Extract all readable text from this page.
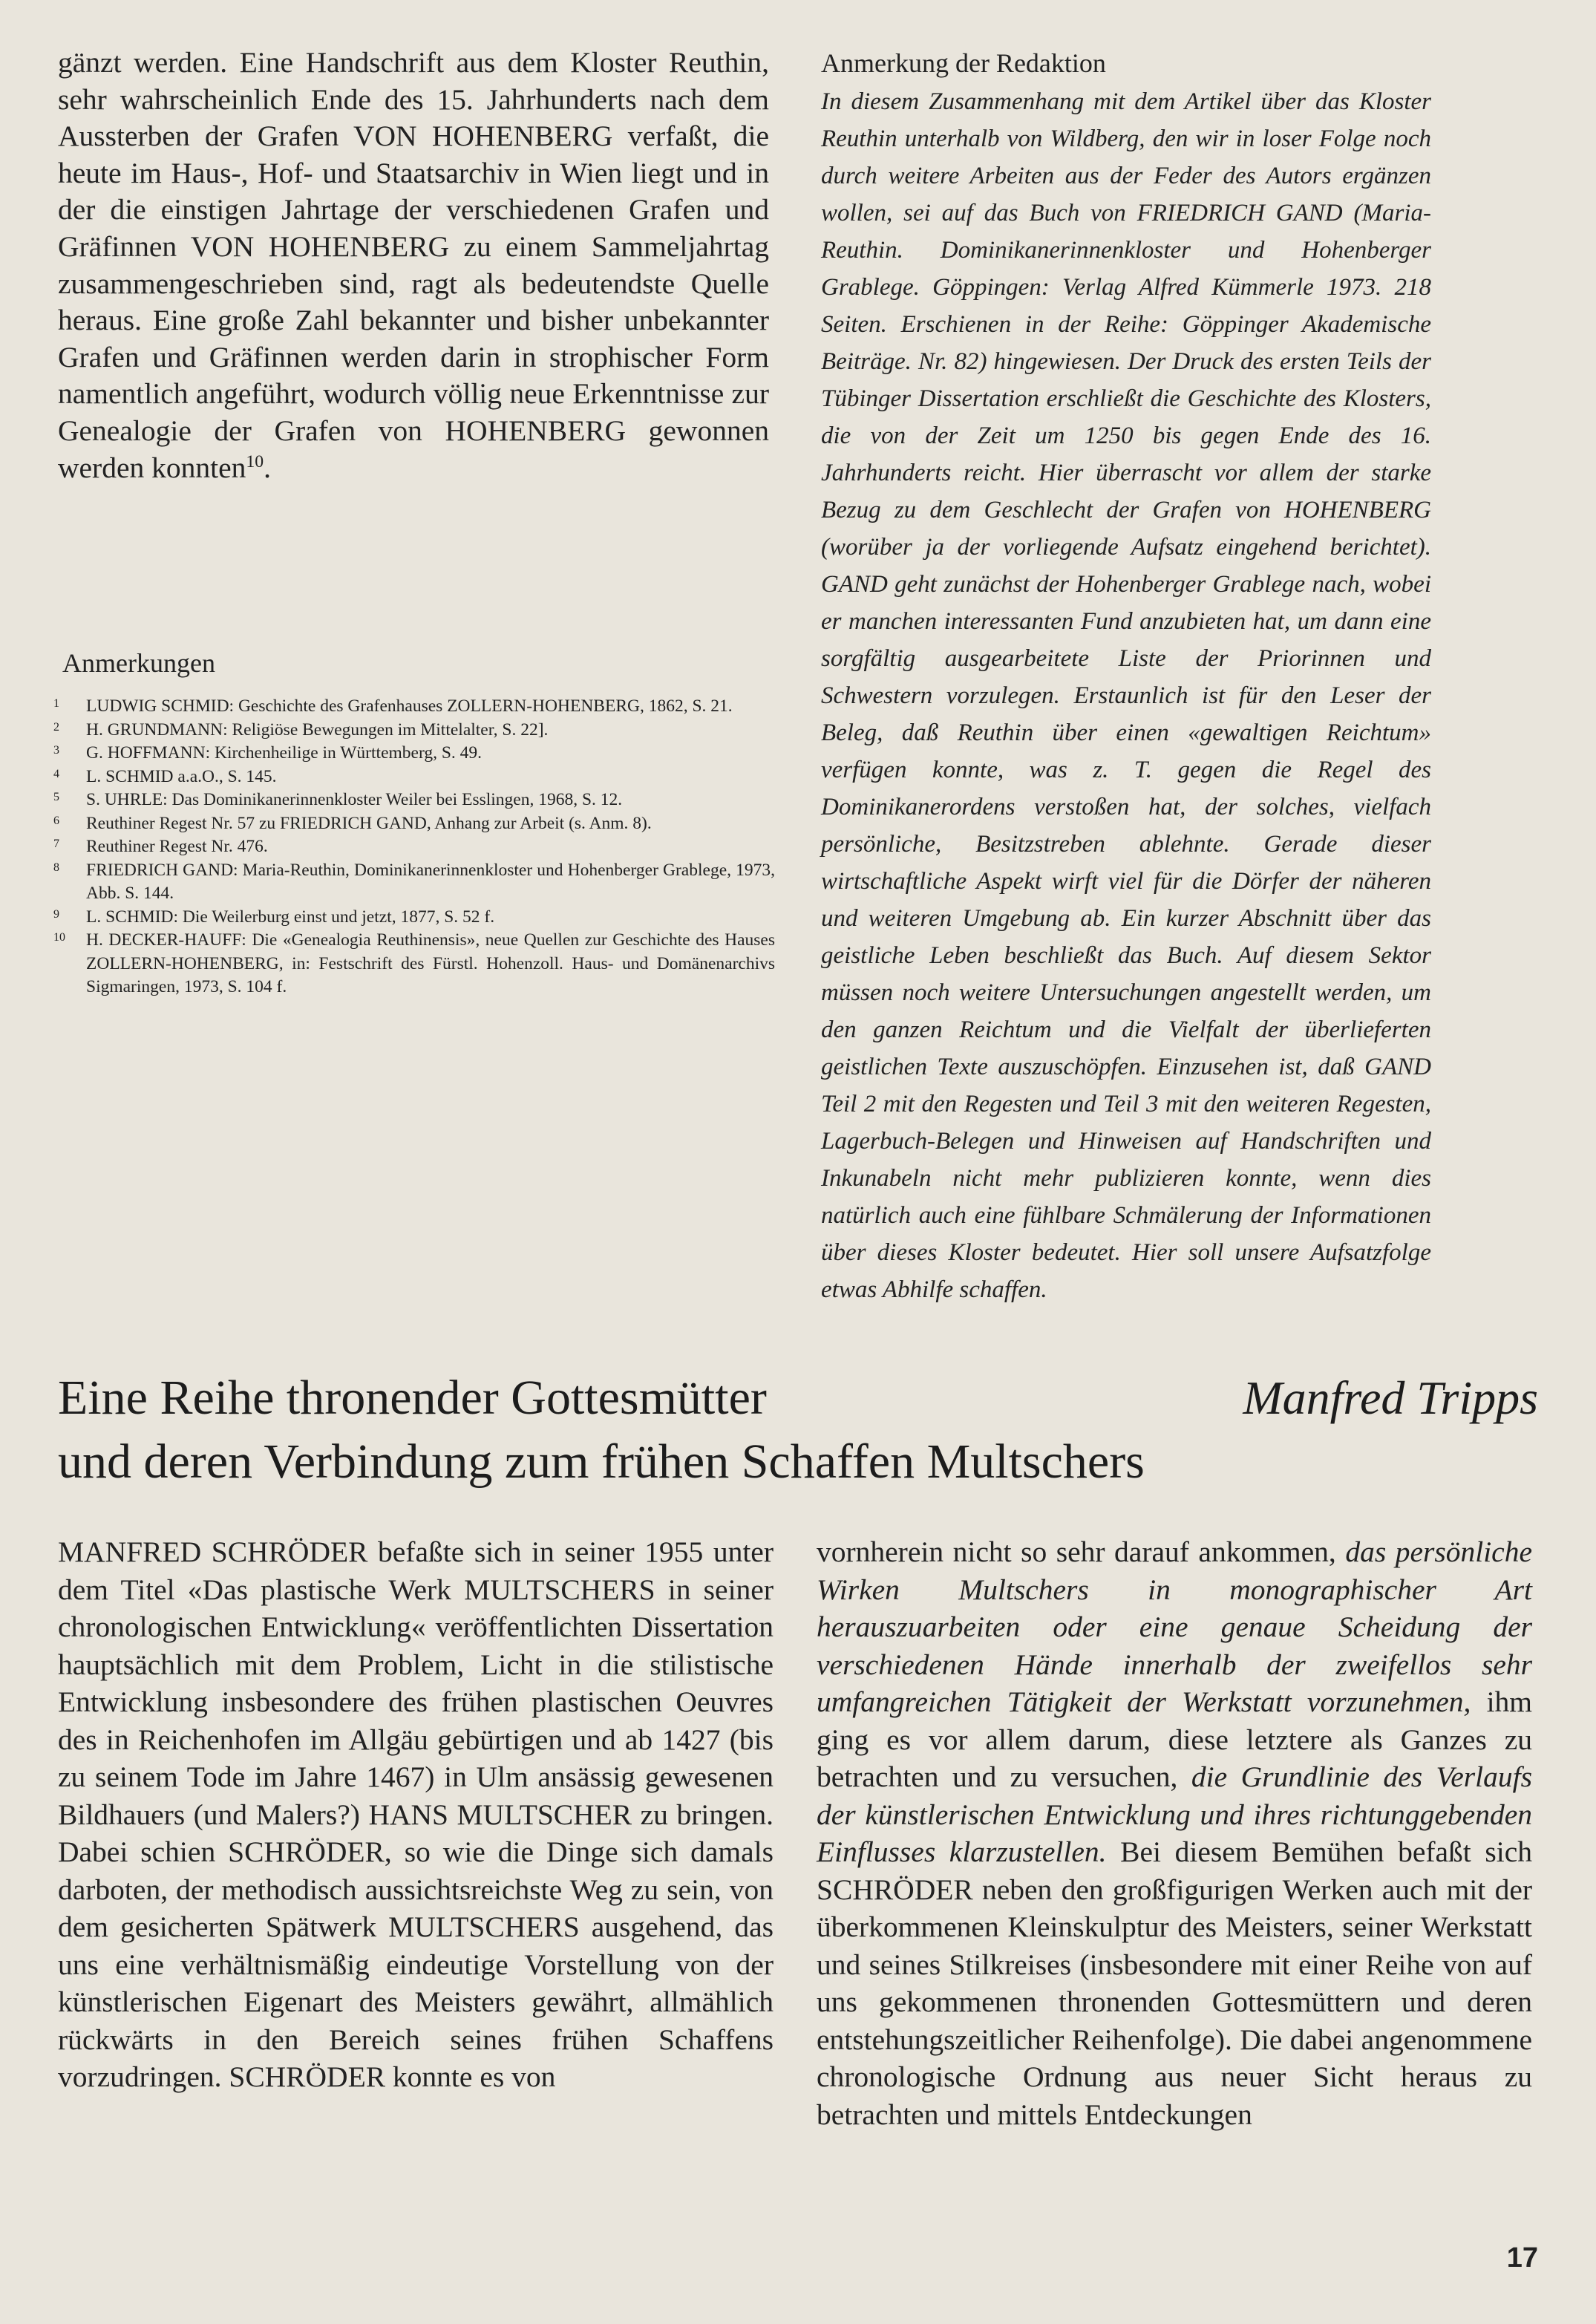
gänzt werden. Eine Handschrift aus dem Kloster Reuthin, sehr wahrscheinlich Ende des 15. Jahrhunderts nach dem Aussterben der Grafen VON HOHENBERG verfaßt, die heute im Haus-, Hof- und Staatsarchiv in Wien liegt und in der die einstigen Jahrtage der verschiedenen Grafen und Gräfinnen VON HOHENBERG zu einem Sammeljahrtag zusammengeschrieben sind, ragt als bedeutendste Quelle heraus. Eine große Zahl bekannter und bisher unbekannter Grafen und Gräfinnen werden darin in strophischer Form namentlich angeführt, wodurch völlig neue Erkenntnisse zur Genealogie der Grafen von HOHENBERG gewonnen werden konnten$^{10}$.
Anmerkungen
1	LUDWIG SCHMID: Geschichte des Grafenhauses ZOLLERN-HOHENBERG, 1862, S. 21.
2	H. GRUNDMANN: Religiöse Bewegungen im Mittelalter, S. 22].
3	G. HOFFMANN: Kirchenheilige in Württemberg, S. 49.
4	L. SCHMID a.a.O., S. 145.
5	S. UHRLE: Das Dominikanerinnenkloster Weiler bei Esslingen, 1968, S. 12.
6	Reuthiner Regest Nr. 57 zu FRIEDRICH GAND, Anhang zur Arbeit (s. Anm. 8).
7	Reuthiner Regest Nr. 476.
8	FRIEDRICH GAND: Maria-Reuthin, Dominikanerinnenkloster und Hohenberger Grablege, 1973, Abb. S. 144.
9	L. SCHMID: Die Weilerburg einst und jetzt, 1877, S. 52 f.
10	H. DECKER-HAUFF: Die «Genealogia Reuthinensis», neue Quellen zur Geschichte des Hauses ZOLLERN-HOHENBERG, in: Festschrift des Fürstl. Hohenzoll. Haus- und Domänenarchivs Sigmaringen, 1973, S. 104 f.
Anmerkung der Redaktion
In diesem Zusammenhang mit dem Artikel über das Kloster Reuthin unterhalb von Wildberg, den wir in loser Folge noch durch weitere Arbeiten aus der Feder des Autors ergänzen wollen, sei auf das Buch von FRIEDRICH GAND (Maria-Reuthin. Dominikanerinnenkloster und Hohenberger Grablege. Göppingen: Verlag Alfred Kümmerle 1973. 218 Seiten. Erschienen in der Reihe: Göppinger Akademische Beiträge. Nr. 82) hingewiesen. Der Druck des ersten Teils der Tübinger Dissertation erschließt die Geschichte des Klosters, die von der Zeit um 1250 bis gegen Ende des 16. Jahrhunderts reicht. Hier überrascht vor allem der starke Bezug zu dem Geschlecht der Grafen von HOHENBERG (worüber ja der vorliegende Aufsatz eingehend berichtet). GAND geht zunächst der Hohenberger Grablege nach, wobei er manchen interessanten Fund anzubieten hat, um dann eine sorgfältig ausgearbeitete Liste der Priorinnen und Schwestern vorzulegen. Erstaunlich ist für den Leser der Beleg, daß Reuthin über einen «gewaltigen Reichtum» verfügen konnte, was z. T. gegen die Regel des Dominikanerordens verstoßen hat, der solches, vielfach persönliche, Besitzstreben ablehnte. Gerade dieser wirtschaftliche Aspekt wirft viel für die Dörfer der näheren und weiteren Umgebung ab. Ein kurzer Abschnitt über das geistliche Leben beschließt das Buch. Auf diesem Sektor müssen noch weitere Untersuchungen angestellt werden, um den ganzen Reichtum und die Vielfalt der überlieferten geistlichen Texte auszuschöpfen. Einzusehen ist, daß GAND Teil 2 mit den Regesten und Teil 3 mit den weiteren Regesten, Lagerbuch-Belegen und Hinweisen auf Handschriften und Inkunabeln nicht mehr publizieren konnte, wenn dies natürlich auch eine fühlbare Schmälerung der Informationen über dieses Kloster bedeutet. Hier soll unsere Aufsatzfolge etwas Abhilfe schaffen.
Eine Reihe thronender Gottesmütter
und deren Verbindung zum frühen Schaffen Multschers
Manfred Tripps
MANFRED SCHRÖDER befaßte sich in seiner 1955 unter dem Titel «Das plastische Werk MULTSCHERS in seiner chronologischen Entwicklung« veröffentlichten Dissertation hauptsächlich mit dem Problem, Licht in die stilistische Entwicklung insbesondere des frühen plastischen Oeuvres des in Reichenhofen im Allgäu gebürtigen und ab 1427 (bis zu seinem Tode im Jahre 1467) in Ulm ansässig gewesenen Bildhauers (und Malers?) HANS MULTSCHER zu bringen. Dabei schien SCHRÖDER, so wie die Dinge sich damals darboten, der methodisch aussichtsreichste Weg zu sein, von dem gesicherten Spätwerk MULTSCHERS ausgehend, das uns eine verhältnismäßig eindeutige Vorstellung von der künstlerischen Eigenart des Meisters gewährt, allmählich rückwärts in den Bereich seines frühen Schaffens vorzudringen. SCHRÖDER konnte es von
vornherein nicht so sehr darauf ankommen, das persönliche Wirken Multschers in monographischer Art herauszuarbeiten oder eine genaue Scheidung der verschiedenen Hände innerhalb der zweifellos sehr umfangreichen Tätigkeit der Werkstatt vorzunehmen, ihm ging es vor allem darum, diese letztere als Ganzes zu betrachten und zu versuchen, die Grundlinie des Verlaufs der künstlerischen Entwicklung und ihres richtunggebenden Einflusses klarzustellen. Bei diesem Bemühen befaßt sich SCHRÖDER neben den großfigurigen Werken auch mit der überkommenen Kleinskulptur des Meisters, seiner Werkstatt und seines Stilkreises (insbesondere mit einer Reihe von auf uns gekommenen thronenden Gottesmüttern und deren entstehungszeitlicher Reihenfolge). Die dabei angenommene chronologische Ordnung aus neuer Sicht heraus zu betrachten und mittels Entdeckungen
17
